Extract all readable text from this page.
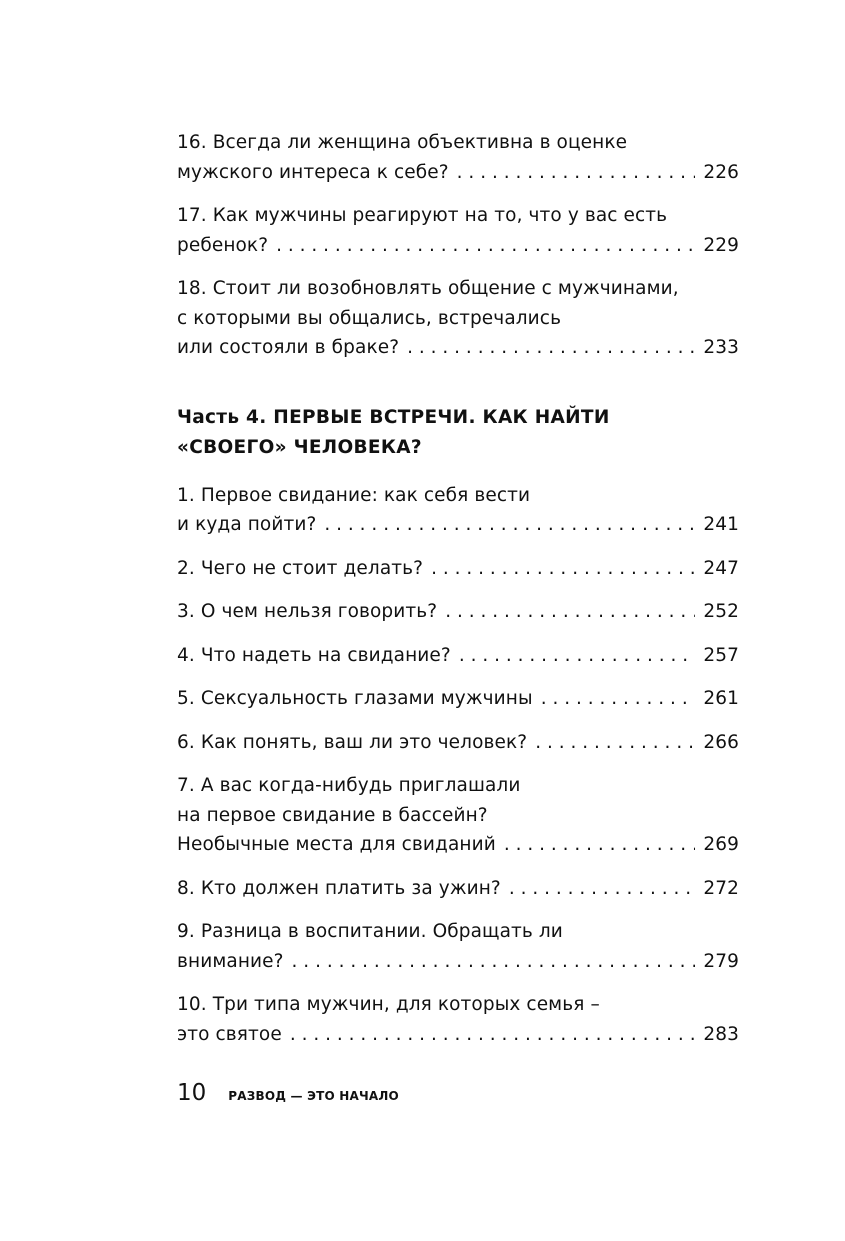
16. Всегда ли женщина объективна в оценке
мужского интереса к себе? . . .	226
17. Как мужчины реагируют на то, что у вас есть
ребенок? . . .	229
18. Стоит ли возобновлять общение с мужчинами,
с которыми вы общались, встречались
или состояли в браке? . . .	233
Часть 4. ПЕРВЫЕ ВСТРЕЧИ. КАК НАЙТИ
«СВОЕГО» ЧЕЛОВЕКА?
1. Первое свидание: как себя вести
и куда пойти? . . .	241
2. Чего не стоит делать? . . .	247
3. О чем нельзя говорить? . . .	252
4. Что надеть на свидание? . . .	257
5. Сексуальность глазами мужчины . . .	261
6. Как понять, ваш ли это человек? . . .	266
7. А вас когда-нибудь приглашали
на первое свидание в бассейн?
Необычные места для свиданий . . .	269
8. Кто должен платить за ужин? . . .	272
9. Разница в воспитании. Обращать ли
внимание? . . .	279
10. Три типа мужчин, для которых семья –
это святое . . .	283
10 РАЗВОД — ЭТО НАЧАЛО
